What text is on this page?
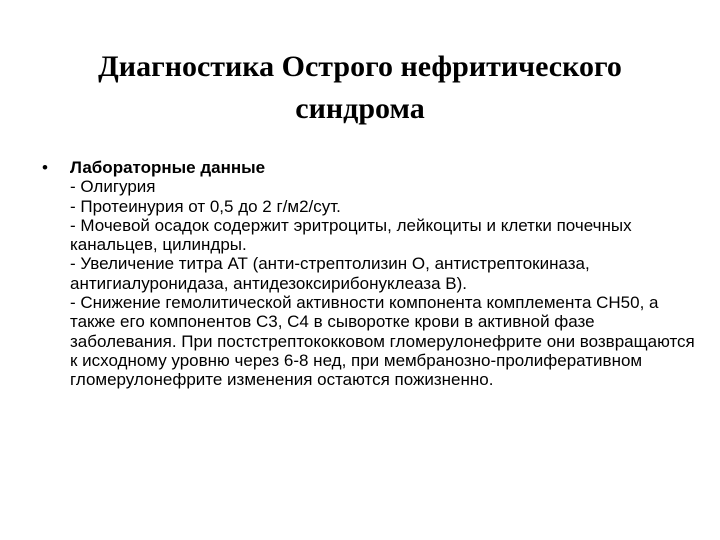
Диагностика Острого нефритического синдрома
• Лабораторные данные
- Олигурия
- Протеинурия от 0,5 до 2 г/м2/сут.
- Мочевой осадок содержит эритроциты, лейкоциты и клетки почечных канальцев, цилиндры.
- Увеличение титра АТ (анти-стрептолизин О, антистрептокиназа, антигиалуронидаза, антидезоксирибонуклеаза В).
- Снижение гемолитической активности компонента комплемента СН50, а также его компонентов С3, С4 в сыворотке крови в активной фазе заболевания. При постстрептококковом гломерулонефрите они возвращаются к исходному уровню через 6-8 нед, при мембранозно-пролиферативном гломерулонефрите изменения остаются пожизненно.
